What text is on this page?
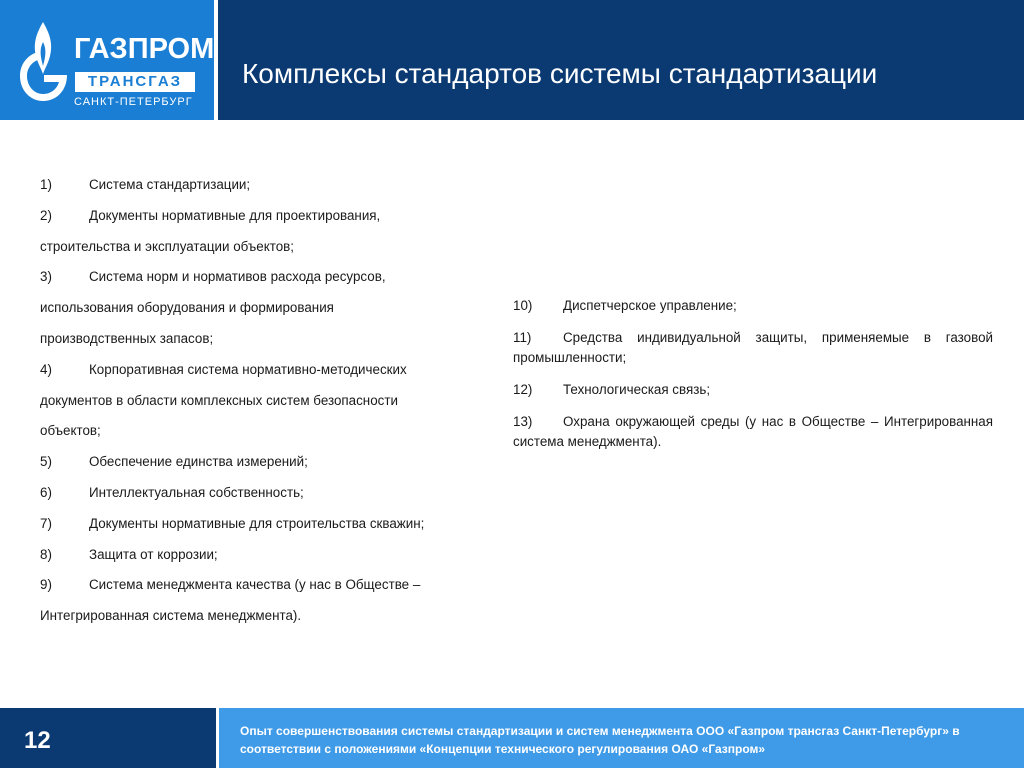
ГАЗПРОМ
ТРАНСГАЗ
САНКТ-ПЕТЕРБУРГ
Комплексы стандартов системы стандартизации
1)	Система стандартизации;
2)	Документы нормативные для проектирования,
строительства и эксплуатации объектов;
3)	Система норм и нормативов расхода ресурсов,
использования оборудования и формирования
производственных запасов;
4)	Корпоративная система нормативно-методических
документов в области комплексных систем безопасности
объектов;
5)	Обеспечение единства измерений;
6)	Интеллектуальная собственность;
7)	Документы нормативные для строительства скважин;
8)	Защита от коррозии;
9)	Система менеджмента качества (у нас в Обществе –
Интегрированная система менеджмента).
10) Диспетчерское управление;
11) Средства индивидуальной защиты, применяемые в газовой промышленности;
12) Технологическая связь;
13) Охрана окружающей среды (у нас в Обществе – Интегрированная система менеджмента).
12	Опыт совершенствования системы стандартизации и систем менеджмента ООО «Газпром трансгаз Санкт-Петербург» в соответствии с положениями «Концепции технического регулирования ОАО «Газпром»
